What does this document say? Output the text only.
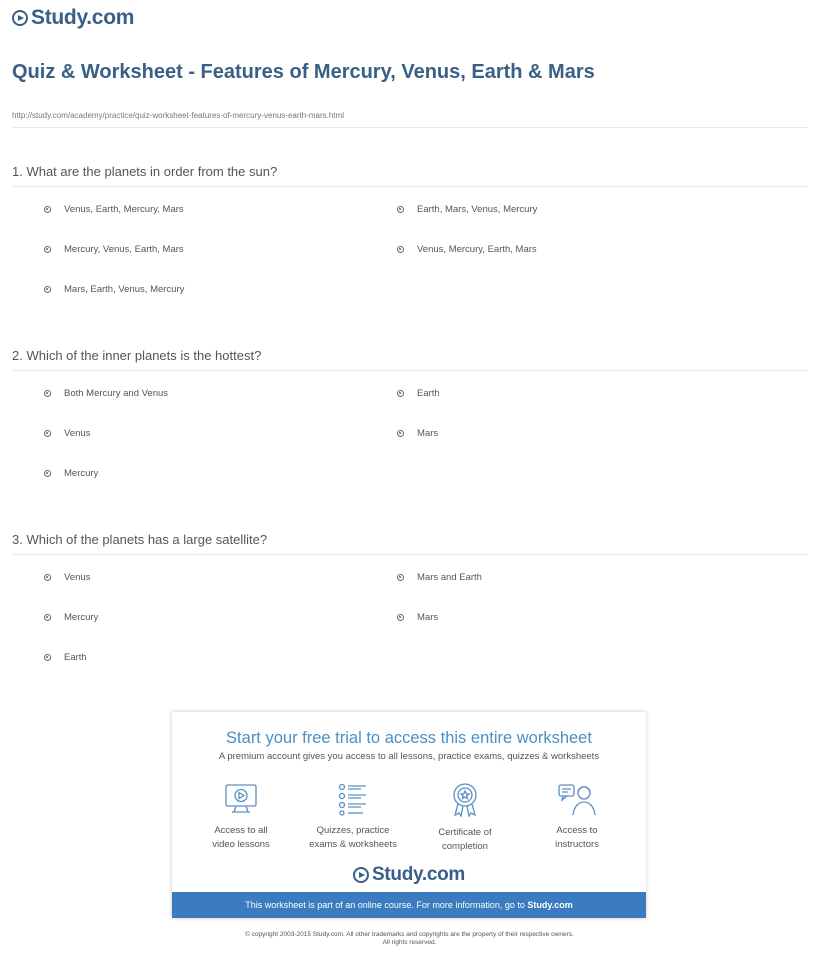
Study.com
Quiz & Worksheet - Features of Mercury, Venus, Earth & Mars
http://study.com/academy/practice/quiz-worksheet-features-of-mercury-venus-earth-mars.html
1. What are the planets in order from the sun?
Venus, Earth, Mercury, Mars	Earth, Mars, Venus, Mercury
Mercury, Venus, Earth, Mars	Venus, Mercury, Earth, Mars
Mars, Earth, Venus, Mercury
2. Which of the inner planets is the hottest?
Both Mercury and Venus	Earth
Venus	Mars
Mercury
3. Which of the planets has a large satellite?
Venus	Mars and Earth
Mercury	Mars
Earth
Start your free trial to access this entire worksheet
A premium account gives you access to all lessons, practice exams, quizzes & worksheets
Access to all
video lessons
Quizzes, practice
exams & worksheets
Certificate of
completion
Access to
instructors
Study.com
This worksheet is part of an online course. For more information, go to Study.com
© copyright 2003-2015 Study.com. All other trademarks and copyrights are the property of their respective owners.
All rights reserved.
